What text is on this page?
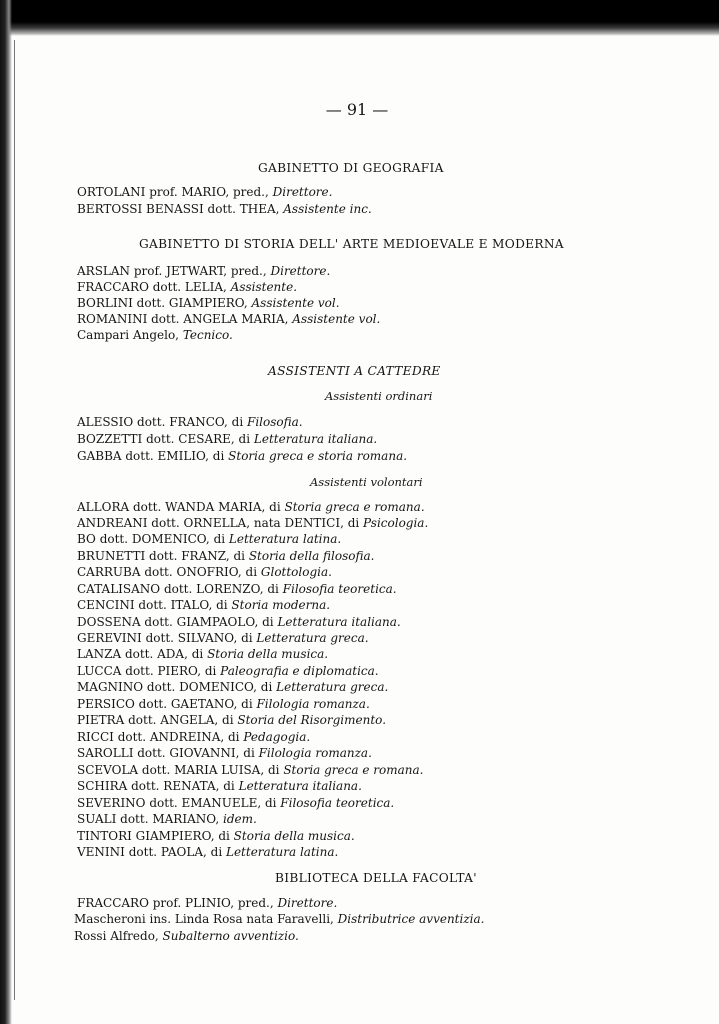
— 91 —
GABINETTO DI GEOGRAFIA
ORTOLANI prof. MARIO, pred., Direttore.
BERTOSSI BENASSI dott. THEA, Assistente inc.
GABINETTO DI STORIA DELL' ARTE MEDIOEVALE E MODERNA
ARSLAN prof. JETWART, pred., Direttore.
FRACCARO dott. LELIA, Assistente.
BORLINI dott. GIAMPIERO, Assistente vol.
ROMANINI dott. ANGELA MARIA, Assistente vol.
Campari Angelo, Tecnico.
ASSISTENTI A CATTEDRE
Assistenti ordinari
ALESSIO dott. FRANCO, di Filosofia.
BOZZETTI dott. CESARE, di Letteratura italiana.
GABBA dott. EMILIO, di Storia greca e storia romana.
Assistenti volontari
ALLORA dott. WANDA MARIA, di Storia greca e romana.
ANDREANI dott. ORNELLA, nata DENTICI, di Psicologia.
BO dott. DOMENICO, di Letteratura latina.
BRUNETTI dott. FRANZ, di Storia della filosofia.
CARRUBA dott. ONOFRIO, di Glottologia.
CATALISANO dott. LORENZO, di Filosofia teoretica.
CENCINI dott. ITALO, di Storia moderna.
DOSSENA dott. GIAMPAOLO, di Letteratura italiana.
GEREVINI dott. SILVANO, di Letteratura greca.
LANZA dott. ADA, di Storia della musica.
LUCCA dott. PIERO, di Paleografia e diplomatica.
MAGNINO dott. DOMENICO, di Letteratura greca.
PERSICO dott. GAETANO, di Filologia romanza.
PIETRA dott. ANGELA, di Storia del Risorgimento.
RICCI dott. ANDREINA, di Pedagogia.
SAROLLI dott. GIOVANNI, di Filologia romanza.
SCEVOLA dott. MARIA LUISA, di Storia greca e romana.
SCHIRA dott. RENATA, di Letteratura italiana.
SEVERINO dott. EMANUELE, di Filosofia teoretica.
SUALI dott. MARIANO, idem.
TINTORI GIAMPIERO, di Storia della musica.
VENINI dott. PAOLA, di Letteratura latina.
BIBLIOTECA DELLA FACOLTA'
FRACCARO prof. PLINIO, pred., Direttore.
Mascheroni ins. Linda Rosa nata Faravelli, Distributrice avventizia.
Rossi Alfredo, Subalterno avventizio.
